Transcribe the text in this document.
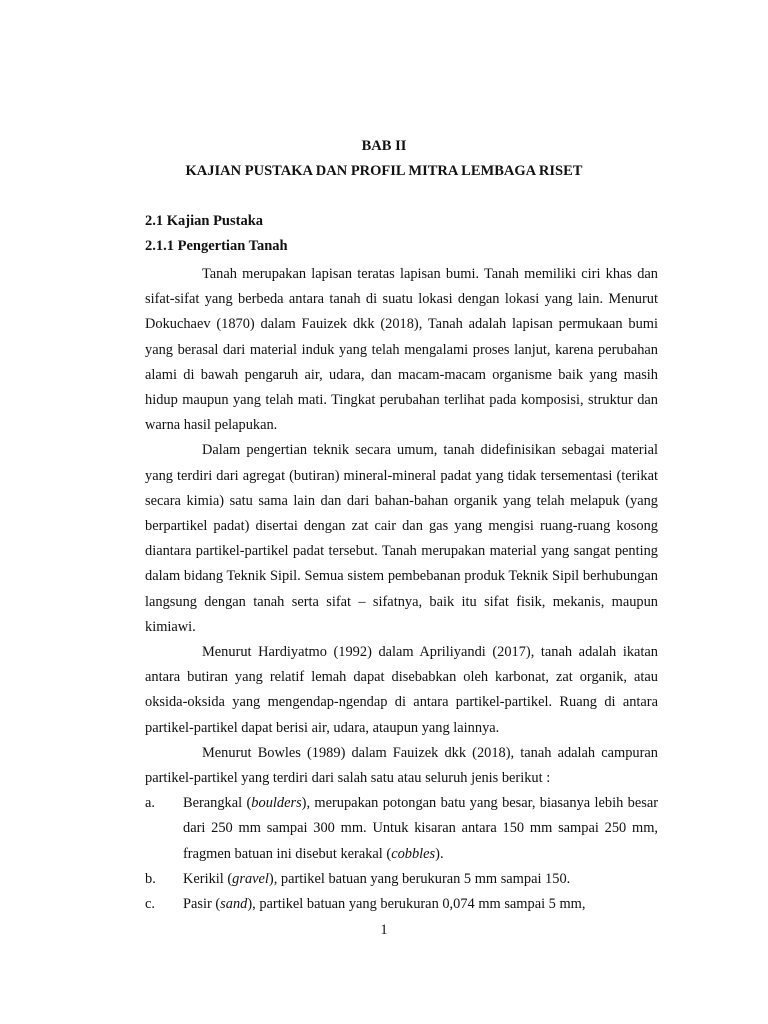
BAB II
KAJIAN PUSTAKA DAN PROFIL MITRA LEMBAGA RISET
2.1 Kajian Pustaka
2.1.1 Pengertian Tanah

Tanah merupakan lapisan teratas lapisan bumi. Tanah memiliki ciri khas dan sifat-sifat yang berbeda antara tanah di suatu lokasi dengan lokasi yang lain. Menurut Dokuchaev (1870) dalam Fauizek dkk (2018), Tanah adalah lapisan permukaan bumi yang berasal dari material induk yang telah mengalami proses lanjut, karena perubahan alami di bawah pengaruh air, udara, dan macam-macam organisme baik yang masih hidup maupun yang telah mati. Tingkat perubahan terlihat pada komposisi, struktur dan warna hasil pelapukan.

Dalam pengertian teknik secara umum, tanah didefinisikan sebagai material yang terdiri dari agregat (butiran) mineral-mineral padat yang tidak tersementasi (terikat secara kimia) satu sama lain dan dari bahan-bahan organik yang telah melapuk (yang berpartikel padat) disertai dengan zat cair dan gas yang mengisi ruang-ruang kosong diantara partikel-partikel padat tersebut. Tanah merupakan material yang sangat penting dalam bidang Teknik Sipil. Semua sistem pembebanan produk Teknik Sipil berhubungan langsung dengan tanah serta sifat – sifatnya, baik itu sifat fisik, mekanis, maupun kimiawi.

Menurut Hardiyatmo (1992) dalam Apriliyandi (2017), tanah adalah ikatan antara butiran yang relatif lemah dapat disebabkan oleh karbonat, zat organik, atau oksida-oksida yang mengendap-ngendap di antara partikel-partikel. Ruang di antara partikel-partikel dapat berisi air, udara, ataupun yang lainnya.

Menurut Bowles (1989) dalam Fauizek dkk (2018), tanah adalah campuran partikel-partikel yang terdiri dari salah satu atau seluruh jenis berikut :

a. Berangkal (boulders), merupakan potongan batu yang besar, biasanya lebih besar dari 250 mm sampai 300 mm. Untuk kisaran antara 150 mm sampai 250 mm, fragmen batuan ini disebut kerakal (cobbles).
b. Kerikil (gravel), partikel batuan yang berukuran 5 mm sampai 150.
c. Pasir (sand), partikel batuan yang berukuran 0,074 mm sampai 5 mm,
1
